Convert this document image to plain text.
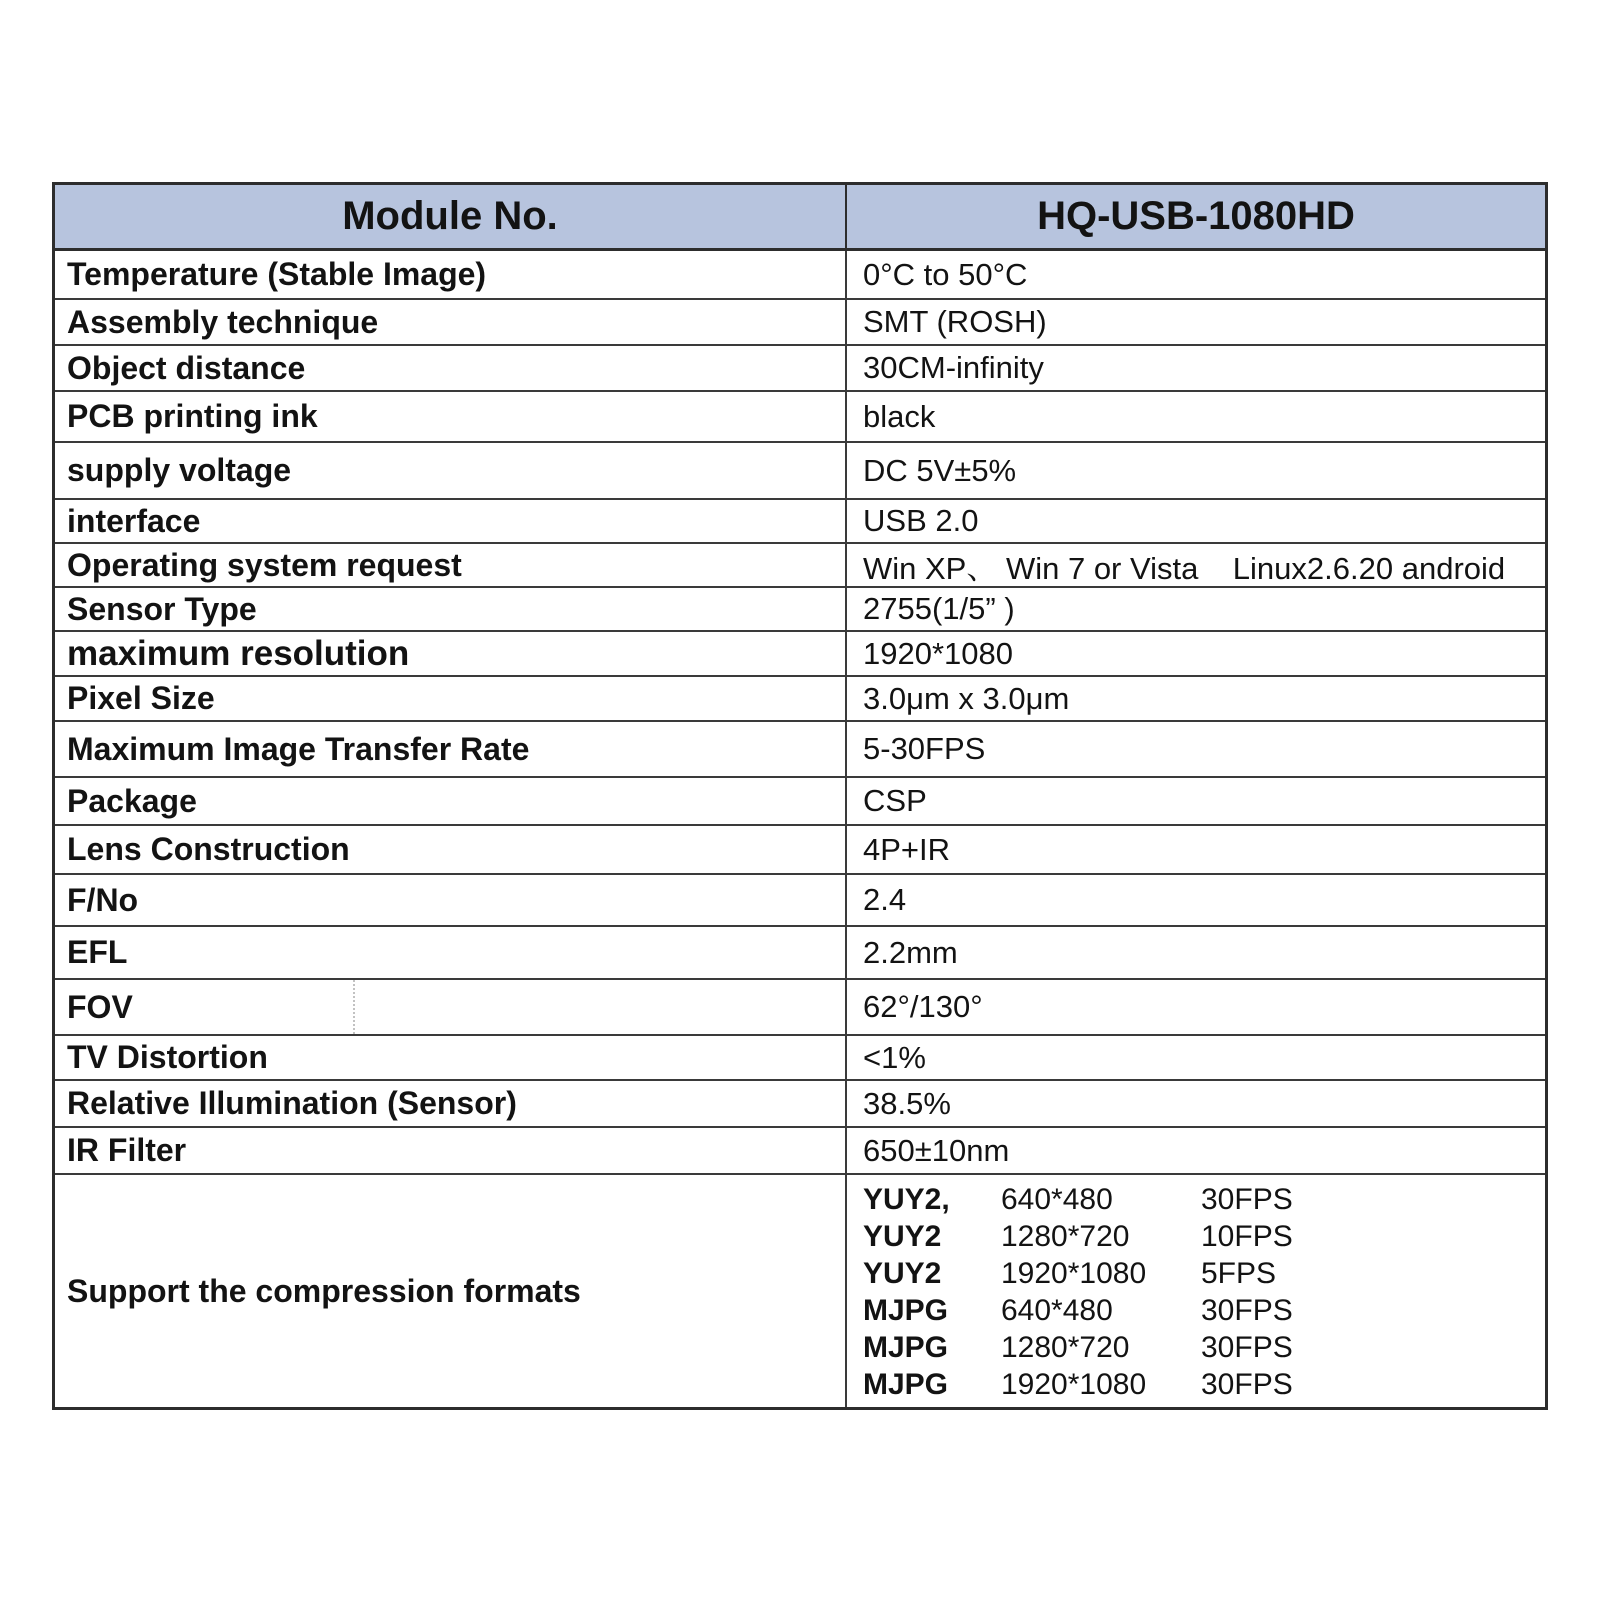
Module No.	HQ-USB-1080HD
Temperature (Stable Image)	0°C to 50°C
Assembly technique	SMT (ROSH)
Object distance	30CM-infinity
PCB printing ink	black
supply voltage	DC 5V±5%
interface	USB 2.0
Operating system request	Win XP、 Win 7 or Vista    Linux2.6.20 android
Sensor Type	2755(1/5” )
maximum resolution	1920*1080
Pixel Size	3.0μm x 3.0μm
Maximum Image Transfer Rate	5-30FPS
Package	CSP
Lens Construction	4P+IR
F/No	2.4
EFL	2.2mm
FOV	62°/130°
TV Distortion	<1%
Relative Illumination (Sensor)	38.5%
IR Filter	650±10nm
Support the compression formats
YUY2,	640*480	30FPS
YUY2	1280*720	10FPS
YUY2	1920*1080	5FPS
MJPG	640*480	30FPS
MJPG	1280*720	30FPS
MJPG	1920*1080	30FPS
